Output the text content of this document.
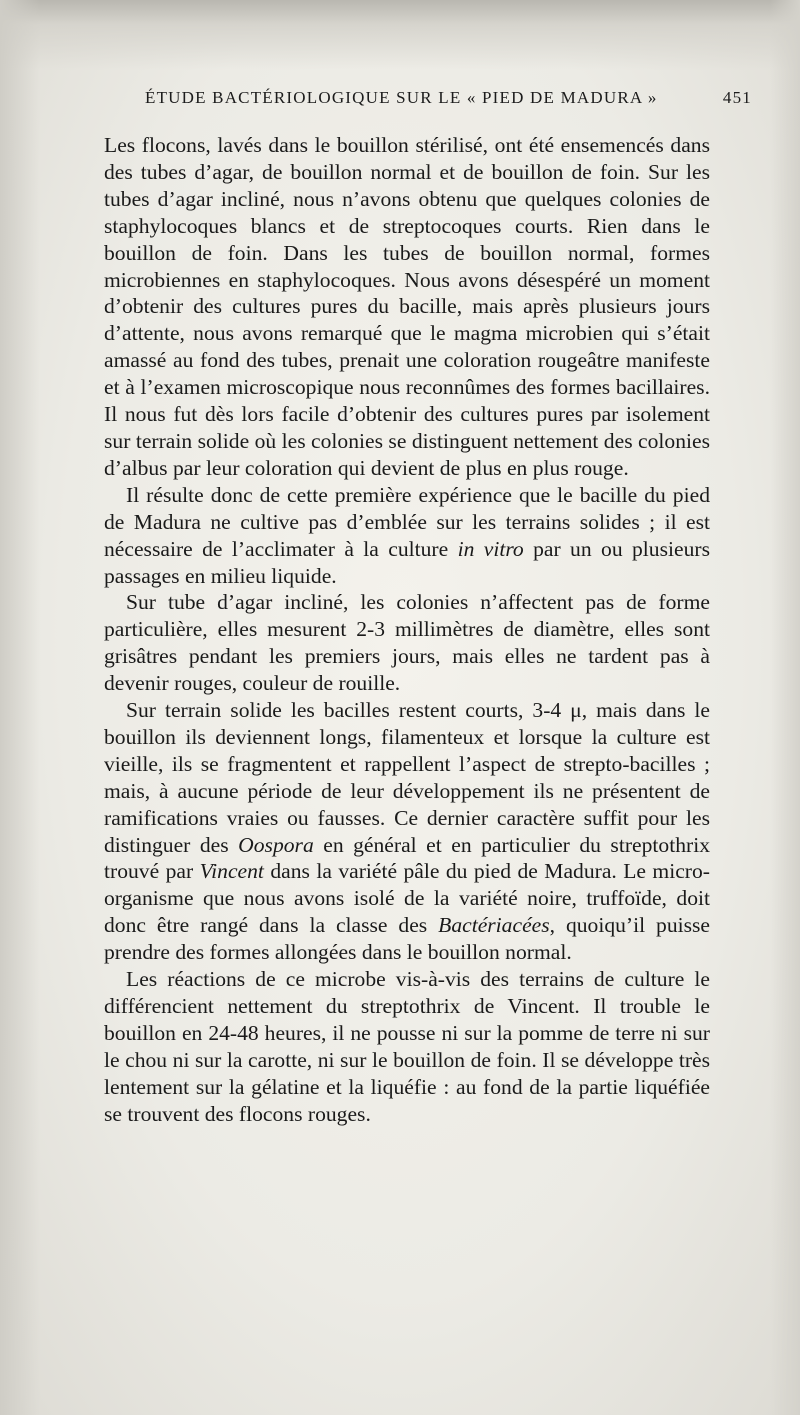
ÉTUDE BACTÉRIOLOGIQUE SUR LE « PIED DE MADURA »	451

Les flocons, lavés dans le bouillon stérilisé, ont été ensemencés dans des tubes d’agar, de bouillon normal et de bouillon de foin. Sur les tubes d’agar incliné, nous n’avons obtenu que quelques colonies de staphylocoques blancs et de streptocoques courts. Rien dans le bouillon de foin. Dans les tubes de bouillon normal, formes microbiennes en staphylocoques. Nous avons désespéré un moment d’obtenir des cultures pures du bacille, mais après plusieurs jours d’attente, nous avons remarqué que le magma microbien qui s’était amassé au fond des tubes, prenait une coloration rougeâtre manifeste et à l’examen microscopique nous reconnûmes des formes bacillaires. Il nous fut dès lors facile d’obtenir des cultures pures par isolement sur terrain solide où les colonies se distinguent nettement des colonies d’albus par leur coloration qui devient de plus en plus rouge.

Il résulte donc de cette première expérience que le bacille du pied de Madura ne cultive pas d’emblée sur les terrains solides ; il est nécessaire de l’acclimater à la culture in vitro par un ou plusieurs passages en milieu liquide.

Sur tube d’agar incliné, les colonies n’affectent pas de forme particulière, elles mesurent 2-3 millimètres de diamètre, elles sont grisâtres pendant les premiers jours, mais elles ne tardent pas à devenir rouges, couleur de rouille.

Sur terrain solide les bacilles restent courts, 3-4 μ, mais dans le bouillon ils deviennent longs, filamenteux et lorsque la culture est vieille, ils se fragmentent et rappellent l’aspect de strepto-bacilles ; mais, à aucune période de leur développement ils ne présentent de ramifications vraies ou fausses. Ce dernier caractère suffit pour les distinguer des Oospora en général et en particulier du streptothrix trouvé par Vincent dans la variété pâle du pied de Madura. Le micro-organisme que nous avons isolé de la variété noire, truffoïde, doit donc être rangé dans la classe des Bactériacées, quoiqu’il puisse prendre des formes allongées dans le bouillon normal.

Les réactions de ce microbe vis-à-vis des terrains de culture le différencient nettement du streptothrix de Vincent. Il trouble le bouillon en 24-48 heures, il ne pousse ni sur la pomme de terre ni sur le chou ni sur la carotte, ni sur le bouillon de foin. Il se développe très lentement sur la gélatine et la liquéfie : au fond de la partie liquéfiée se trouvent des flocons rouges.
